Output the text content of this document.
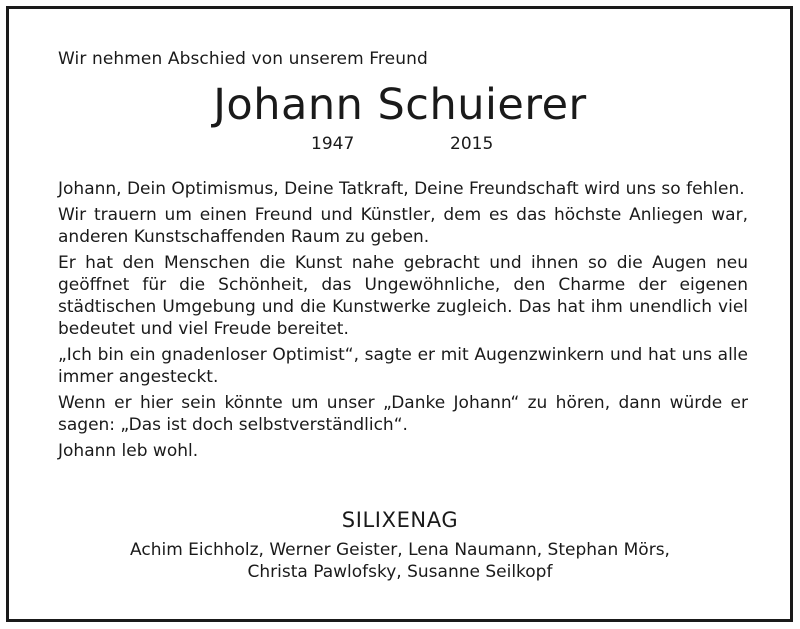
Wir nehmen Abschied von unserem Freund
Johann Schuierer
1947	2015

Johann, Dein Optimismus, Deine Tatkraft, Deine Freundschaft wird uns so fehlen.

Wir trauern um einen Freund und Künstler, dem es das höchste Anliegen war, anderen Kunstschaffenden Raum zu geben.

Er hat den Menschen die Kunst nahe gebracht und ihnen so die Augen neu geöffnet für die Schönheit, das Ungewöhnliche, den Charme der eigenen städtischen Umgebung und die Kunstwerke zugleich. Das hat ihm unendlich viel bedeutet und viel Freude bereitet.

„Ich bin ein gnadenloser Optimist“, sagte er mit Augenzwinkern und hat uns alle immer angesteckt.

Wenn er hier sein könnte um unser „Danke Johann“ zu hören, dann würde er sagen: „Das ist doch selbstverständlich“.

Johann leb wohl.

SILIXENAG
Achim Eichholz, Werner Geister, Lena Naumann, Stephan Mörs,
Christa Pawlofsky, Susanne Seilkopf
